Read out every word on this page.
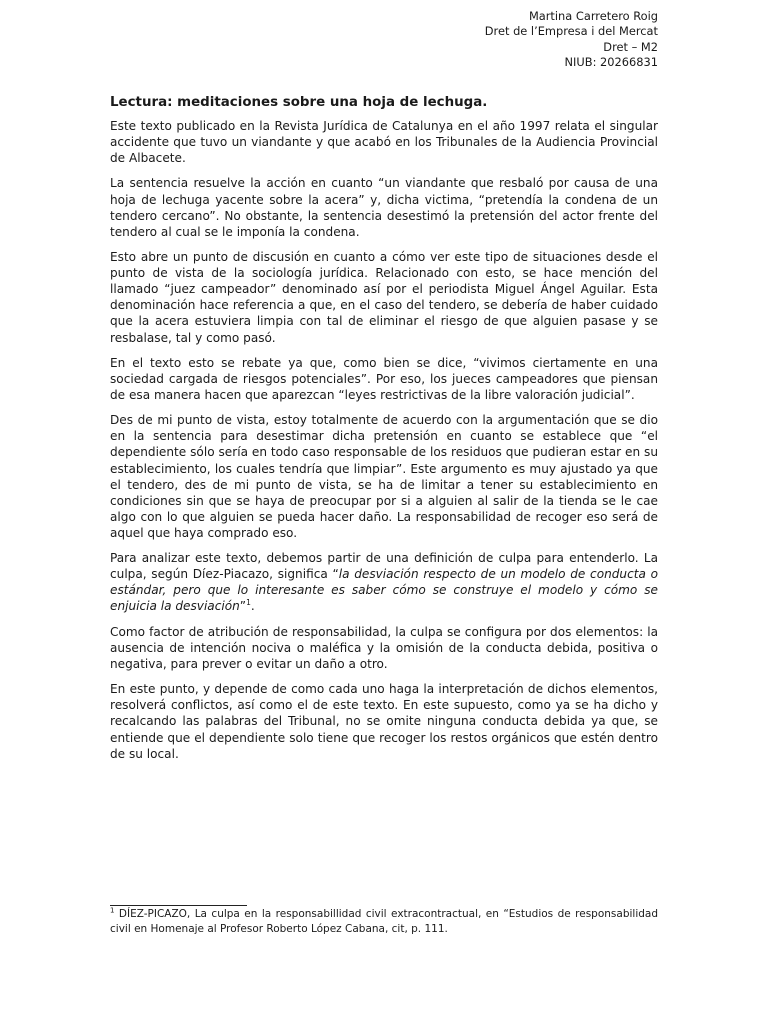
Martina Carretero Roig
Dret de l’Empresa i del Mercat
Dret – M2
NIUB: 20266831
Lectura: meditaciones sobre una hoja de lechuga.

Este texto publicado en la Revista Jurídica de Catalunya en el año 1997 relata el singular accidente que tuvo un viandante y que acabó en los Tribunales de la Audiencia Provincial de Albacete.

La sentencia resuelve la acción en cuanto “un viandante que resbaló por causa de una hoja de lechuga yacente sobre la acera” y, dicha victima, “pretendía la condena de un tendero cercano”. No obstante, la sentencia desestimó la pretensión del actor frente del tendero al cual se le imponía la condena.

Esto abre un punto de discusión en cuanto a cómo ver este tipo de situaciones desde el punto de vista de la sociología jurídica. Relacionado con esto, se hace mención del llamado “juez campeador” denominado así por el periodista Miguel Ángel Aguilar. Esta denominación hace referencia a que, en el caso del tendero, se debería de haber cuidado que la acera estuviera limpia con tal de eliminar el riesgo de que alguien pasase y se resbalase, tal y como pasó.

En el texto esto se rebate ya que, como bien se dice, “vivimos ciertamente en una sociedad cargada de riesgos potenciales”. Por eso, los jueces campeadores que piensan de esa manera hacen que aparezcan “leyes restrictivas de la libre valoración judicial”.

Des de mi punto de vista, estoy totalmente de acuerdo con la argumentación que se dio en la sentencia para desestimar dicha pretensión en cuanto se establece que “el dependiente sólo sería en todo caso responsable de los residuos que pudieran estar en su establecimiento, los cuales tendría que limpiar”. Este argumento es muy ajustado ya que el tendero, des de mi punto de vista, se ha de limitar a tener su establecimiento en condiciones sin que se haya de preocupar por si a alguien al salir de la tienda se le cae algo con lo que alguien se pueda hacer daño. La responsabilidad de recoger eso será de aquel que haya comprado eso.

Para analizar este texto, debemos partir de una definición de culpa para entenderlo. La culpa, según Díez-Piacazo, significa “la desviación respecto de un modelo de conducta o estándar, pero que lo interesante es saber cómo se construye el modelo y cómo se enjuicia la desviación”$^1$.

Como factor de atribución de responsabilidad, la culpa se configura por dos elementos: la ausencia de intención nociva o maléfica y la omisión de la conducta debida, positiva o negativa, para prever o evitar un daño a otro.

En este punto, y depende de como cada uno haga la interpretación de dichos elementos, resolverá conflictos, así como el de este texto. En este supuesto, como ya se ha dicho y recalcando las palabras del Tribunal, no se omite ninguna conducta debida ya que, se entiende que el dependiente solo tiene que recoger los restos orgánicos que estén dentro de su local.

$^1$ DÍEZ-PICAZO, La culpa en la responsabillidad civil extracontractual, en “Estudios de responsabilidad civil en Homenaje al Profesor Roberto López Cabana, cit, p. 111.
